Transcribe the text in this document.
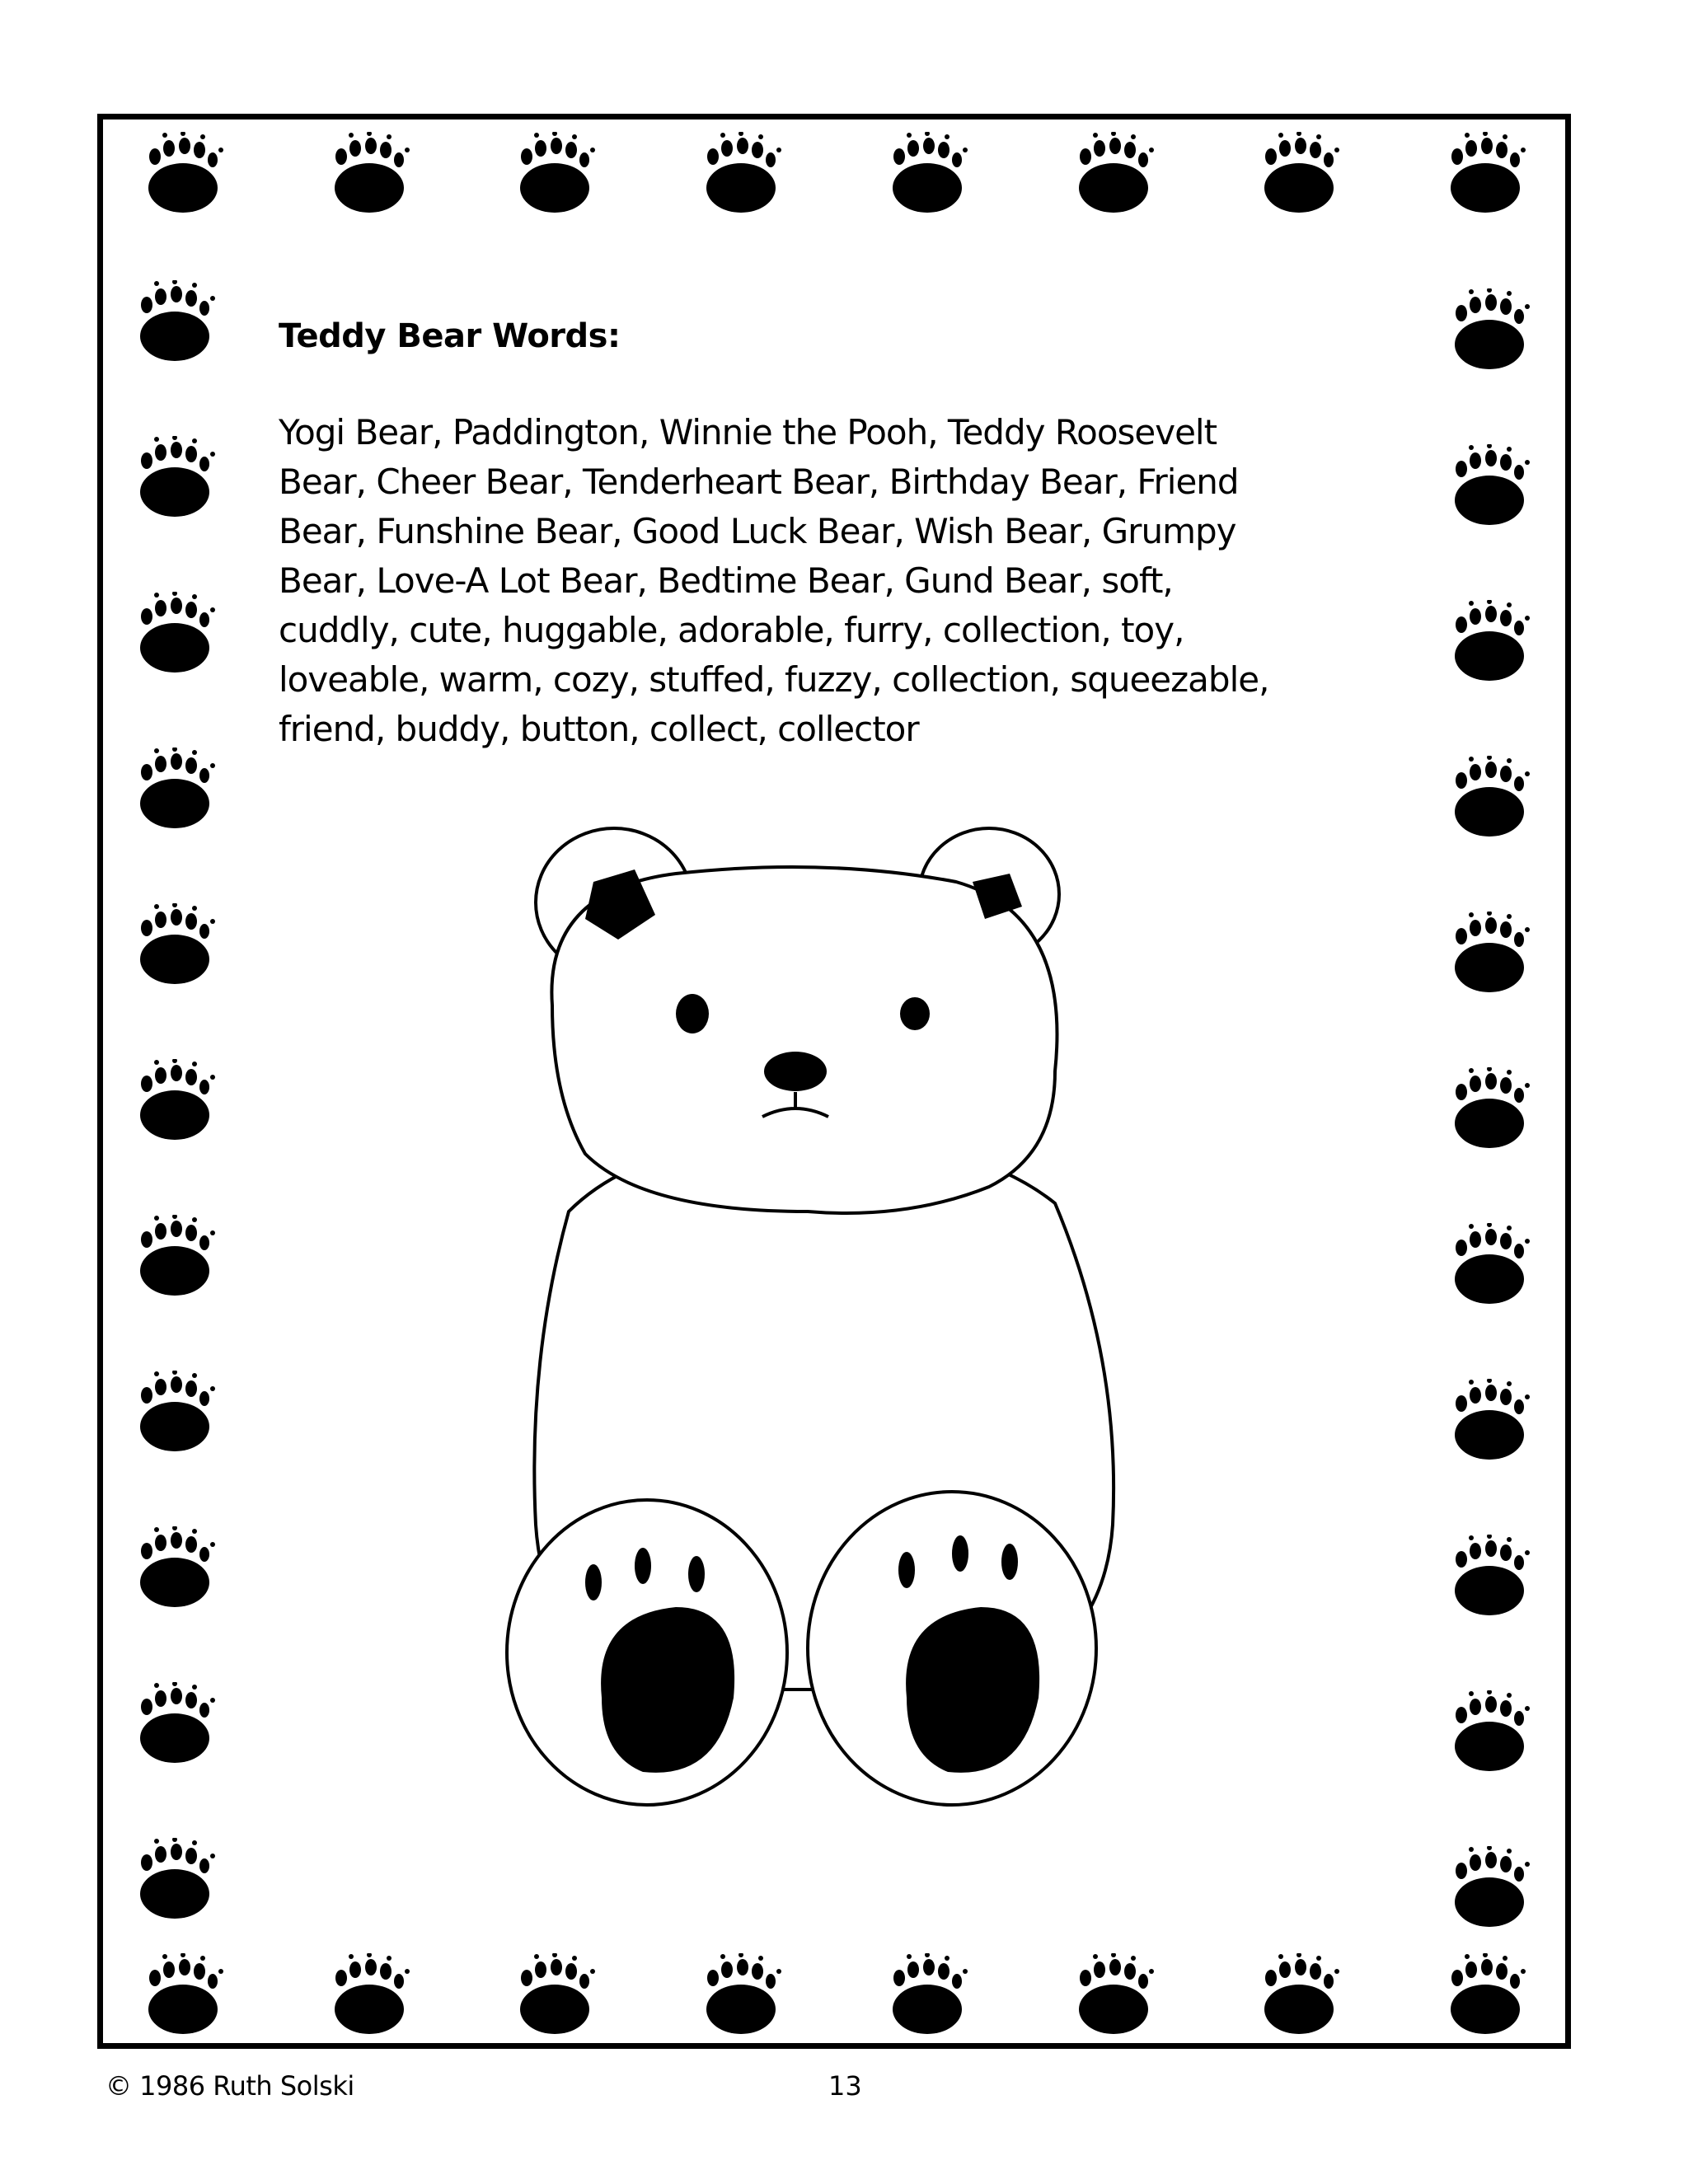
Teddy Bear Words:
Yogi Bear, Paddington, Winnie the Pooh, Teddy Roosevelt
Bear, Cheer Bear, Tenderheart Bear, Birthday Bear, Friend
Bear, Funshine Bear, Good Luck Bear, Wish Bear, Grumpy
Bear, Love-A Lot Bear, Bedtime Bear, Gund Bear, soft,
cuddly, cute, huggable, adorable, furry, collection, toy,
loveable, warm, cozy, stuffed, fuzzy, collection, squeezable,
friend, buddy, button, collect, collector
© 1986 Ruth Solski	13
